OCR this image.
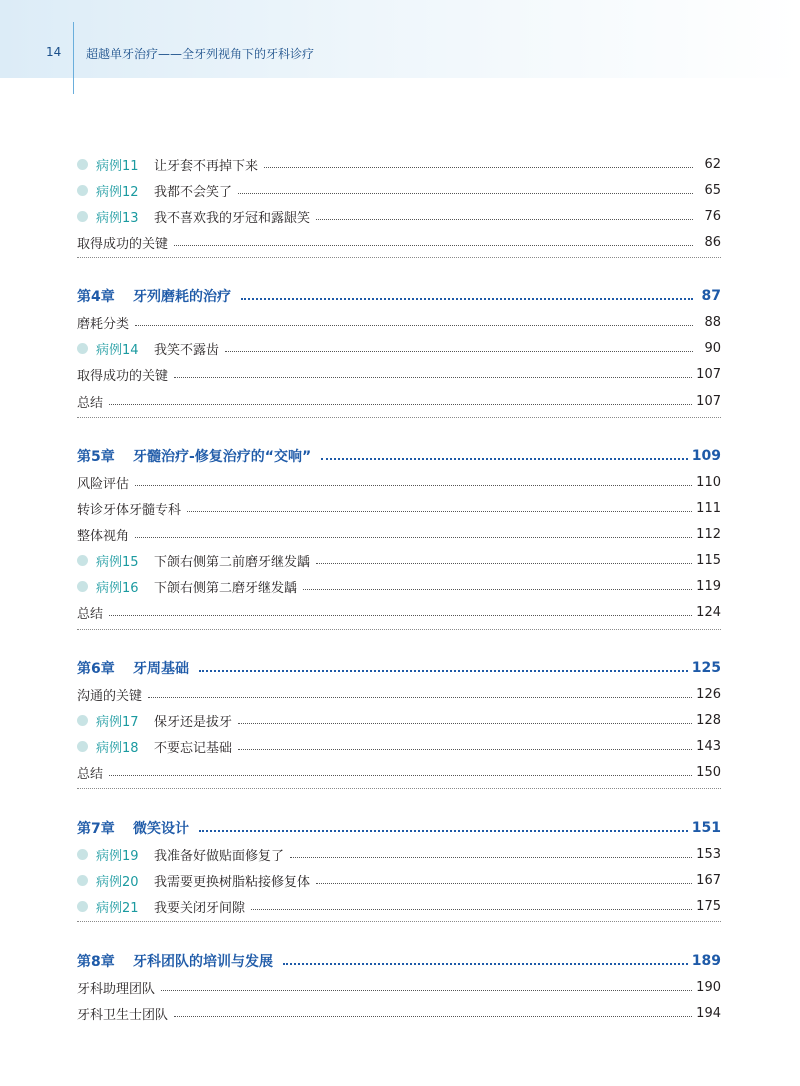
14 超越单牙治疗——全牙列视角下的牙科诊疗
病例11	让牙套不再掉下来	62
病例12	我都不会笑了	65
病例13	我不喜欢我的牙冠和露龈笑	76
取得成功的关键	86
第4章	牙列磨耗的治疗	87
磨耗分类	88
病例14	我笑不露齿	90
取得成功的关键	107
总结	107
第5章	牙髓治疗-修复治疗的“交响”	109
风险评估	110
转诊牙体牙髓专科	111
整体视角	112
病例15	下颌右侧第二前磨牙继发龋	115
病例16	下颌右侧第二磨牙继发龋	119
总结	124
第6章	牙周基础	125
沟通的关键	126
病例17	保牙还是拔牙	128
病例18	不要忘记基础	143
总结	150
第7章	微笑设计	151
病例19	我准备好做贴面修复了	153
病例20	我需要更换树脂粘接修复体	167
病例21	我要关闭牙间隙	175
第8章	牙科团队的培训与发展	189
牙科助理团队	190
牙科卫生士团队	194
